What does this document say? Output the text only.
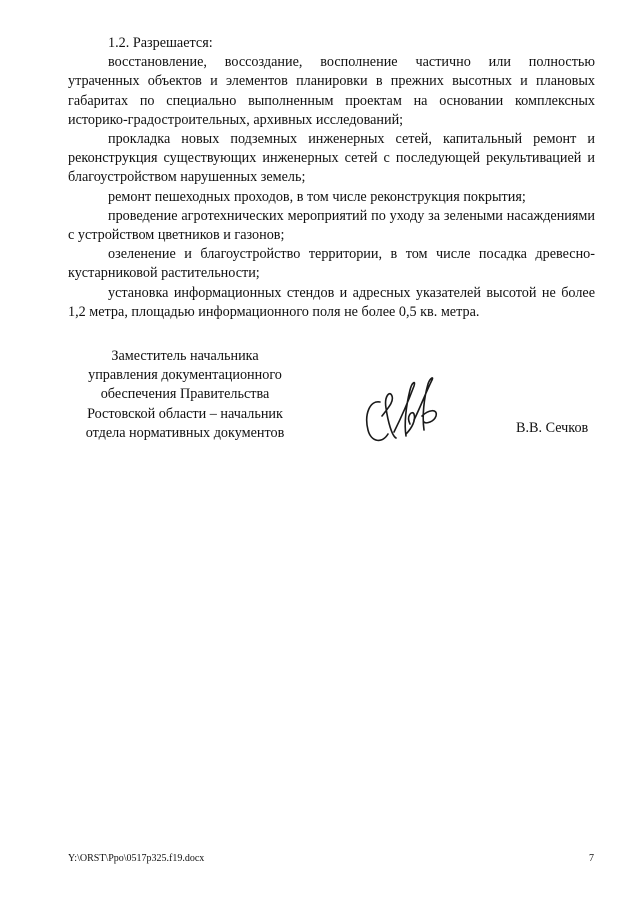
1.2. Разрешается:

восстановление, воссоздание, восполнение частично или полностью утраченных объектов и элементов планировки в прежних высотных и плановых габаритах по специально выполненным проектам на основании комплексных историко-градостроительных, архивных исследований;

прокладка новых подземных инженерных сетей, капитальный ремонт и реконструкция существующих инженерных сетей с последующей рекультивацией и благоустройством нарушенных земель;

ремонт пешеходных проходов, в том числе реконструкция покрытия;

проведение агротехнических мероприятий по уходу за зелеными насаждениями с устройством цветников и газонов;

озеленение и благоустройство территории, в том числе посадка древесно-кустарниковой растительности;

установка информационных стендов и адресных указателей высотой не более 1,2 метра, площадью информационного поля не более 0,5 кв. метра.

Заместитель начальника
управления документационного
обеспечения Правительства
Ростовской области – начальник
отдела нормативных документов	В.В. Сечков
Y:\ORST\Ppo\0517p325.f19.docx	7
